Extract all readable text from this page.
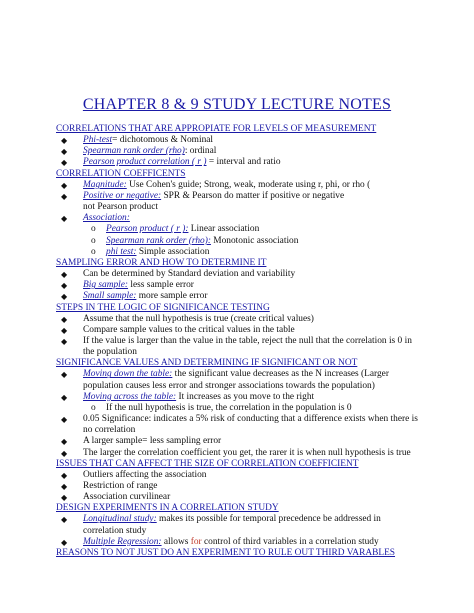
CHAPTER 8 & 9 STUDY LECTURE NOTES
CORRELATIONS THAT ARE APPROPIATE FOR LEVELS OF MEASUREMENT
◆ Phi-test= dichotomous & Nominal
◆ Spearman rank order (rho): ordinal
◆ Pearson product correlation ( r ) = interval and ratio
CORRELATION COEFFICENTS
◆ Magnitude: Use Cohen's guide; Strong, weak, moderate using r, phi, or rho (
◆ Positive or negative: SPR & Pearson do matter if positive or negative
not Pearson product
◆ Association:
o Pearson product ( r ): Linear association
o Spearman rank order (rho): Monotonic association
o phi test: Simple association
SAMPLING ERROR AND HOW TO DETERMINE IT
◆ Can be determined by Standard deviation and variability
◆ Big sample: less sample error
◆ Small sample: more sample error
STEPS IN THE LOGIC OF SIGNIFICANCE TESTING
◆ Assume that the null hypothesis is true (create critical values)
◆ Compare sample values to the critical values in the table
◆ If the value is larger than the value in the table, reject the null that the correlation is 0 in
the population
SIGNIFICANCE VALUES AND DETERMINING IF SIGNIFICANT OR NOT
◆ Moving down the table: the significant value decreases as the N increases (Larger
population causes less error and stronger associations towards the population)
◆ Moving across the table: It increases as you move to the right
o If the null hypothesis is true, the correlation in the population is 0
◆ 0.05 Significance: indicates a 5% risk of conducting that a difference exists when there is
no correlation
◆ A larger sample= less sampling error
◆ The larger the correlation coefficient you get, the rarer it is when null hypothesis is true
ISSUES THAT CAN AFFECT THE SIZE OF CORRELATION COEFFICIENT
◆ Outliers affecting the association
◆ Restriction of range
◆ Association curvilinear
DESIGN EXPERIMENTS IN A CORRELATION STUDY
◆ Longitudinal study: makes its possible for temporal precedence be addressed in
correlation study
◆ Multiple Regression: allows for control of third variables in a correlation study
REASONS TO NOT JUST DO AN EXPERIMENT TO RULE OUT THIRD VARABLES
